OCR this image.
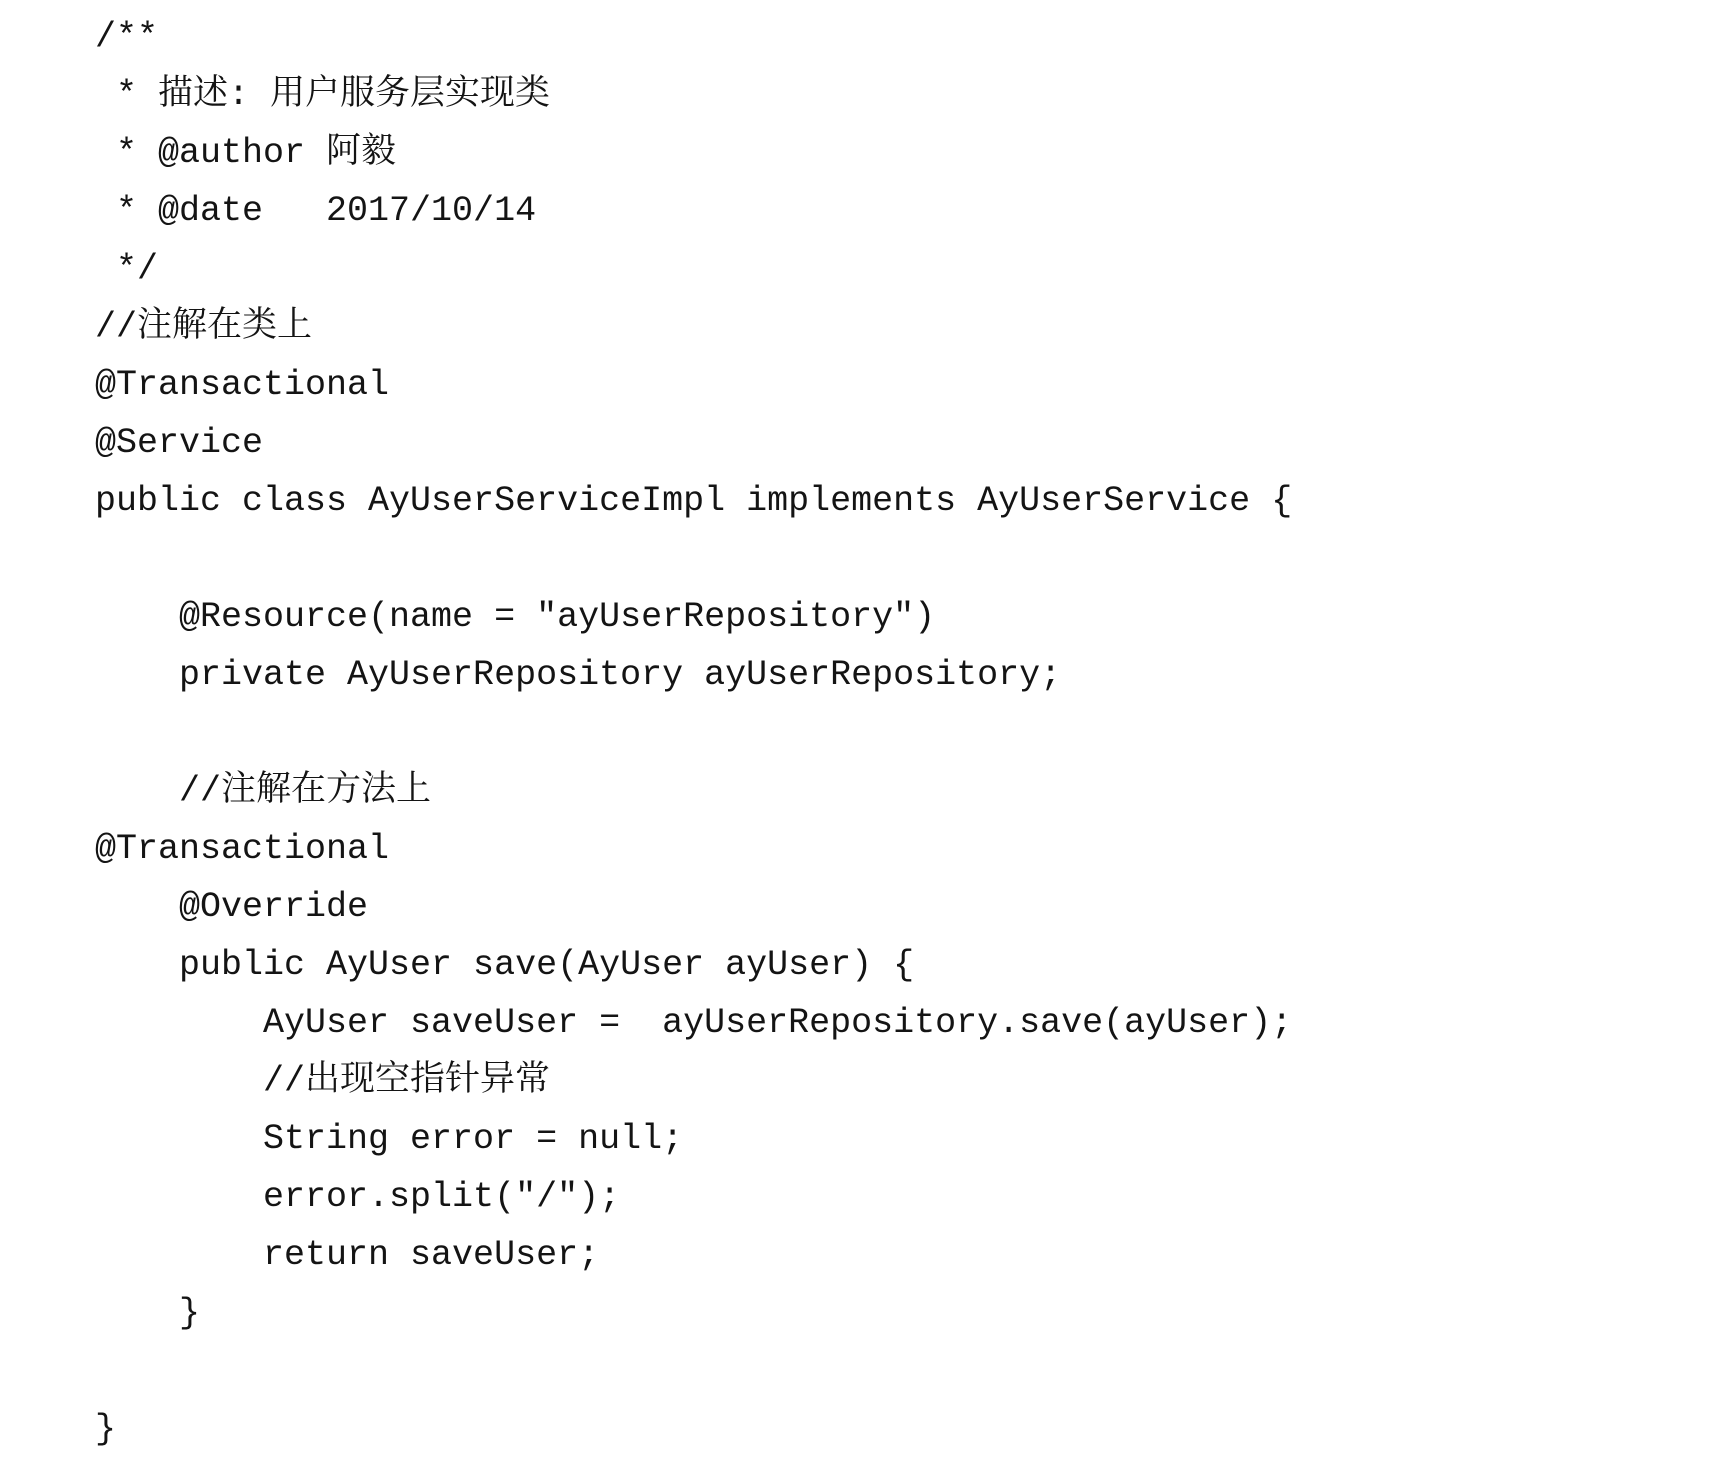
/**
* 描述: 用户服务层实现类
* @author 阿毅
* @date   2017/10/14
*/
//注解在类上
@Transactional
@Service
public class AyUserServiceImpl implements AyUserService {
@Resource(name = "ayUserRepository")
private AyUserRepository ayUserRepository;
//注解在方法上
@Transactional
@Override
public AyUser save(AyUser ayUser) {
AyUser saveUser =  ayUserRepository.save(ayUser);
//出现空指针异常
String error = null;
error.split("/");
return saveUser;
}
}
